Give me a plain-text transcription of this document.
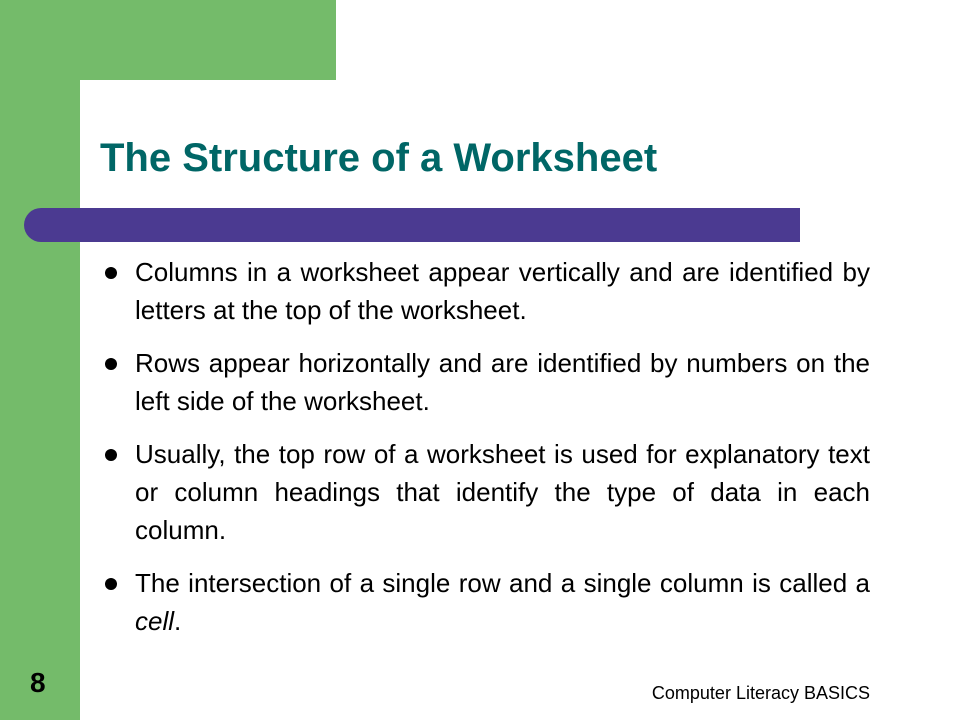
The Structure of a Worksheet
Columns in a worksheet appear vertically and are identified by letters at the top of the worksheet.
Rows appear horizontally and are identified by numbers on the left side of the worksheet.
Usually, the top row of a worksheet is used for explanatory text or column headings that identify the type of data in each column.
The intersection of a single row and a single column is called a cell.
8	Computer Literacy BASICS
